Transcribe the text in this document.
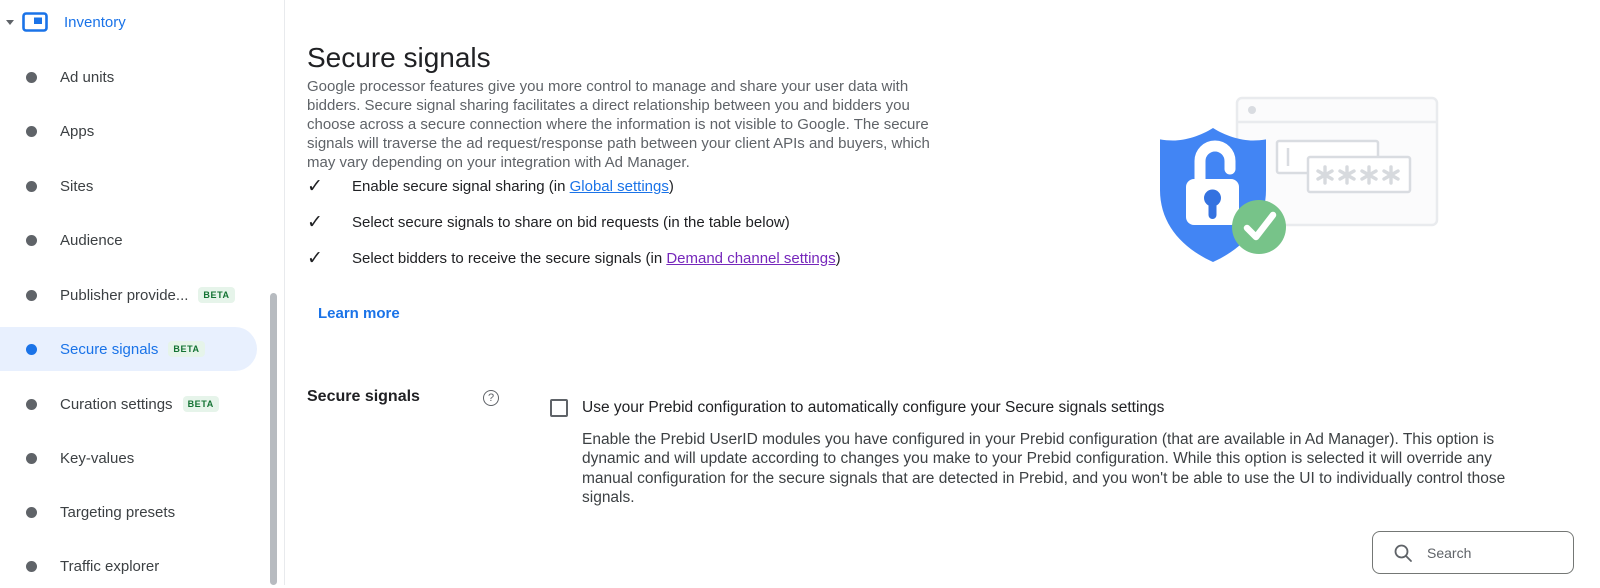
Inventory
Ad units
Apps
Sites
Audience
Publisher provide...	BETA
Secure signals	BETA
Curation settings	BETA
Key-values
Targeting presets
Traffic explorer
Secure signals

Google processor features give you more control to manage and share your user data with bidders. Secure signal sharing facilitates a direct relationship between you and bidders you choose across a secure connection where the information is not visible to Google. The secure signals will traverse the ad request/response path between your client APIs and buyers, which may vary depending on your integration with Ad Manager.

✓	Enable secure signal sharing (in Global settings)
✓	Select secure signals to share on bid requests (in the table below)
✓	Select bidders to receive the secure signals (in Demand channel settings)
Learn more
Secure signals	?
Use your Prebid configuration to automatically configure your Secure signals settings
Enable the Prebid UserID modules you have configured in your Prebid configuration (that are available in Ad Manager). This option is dynamic and will update according to changes you make to your Prebid configuration. While this option is selected it will override any manual configuration for the secure signals that are detected in Prebid, and you won't be able to use the UI to individually control those signals.
Search
